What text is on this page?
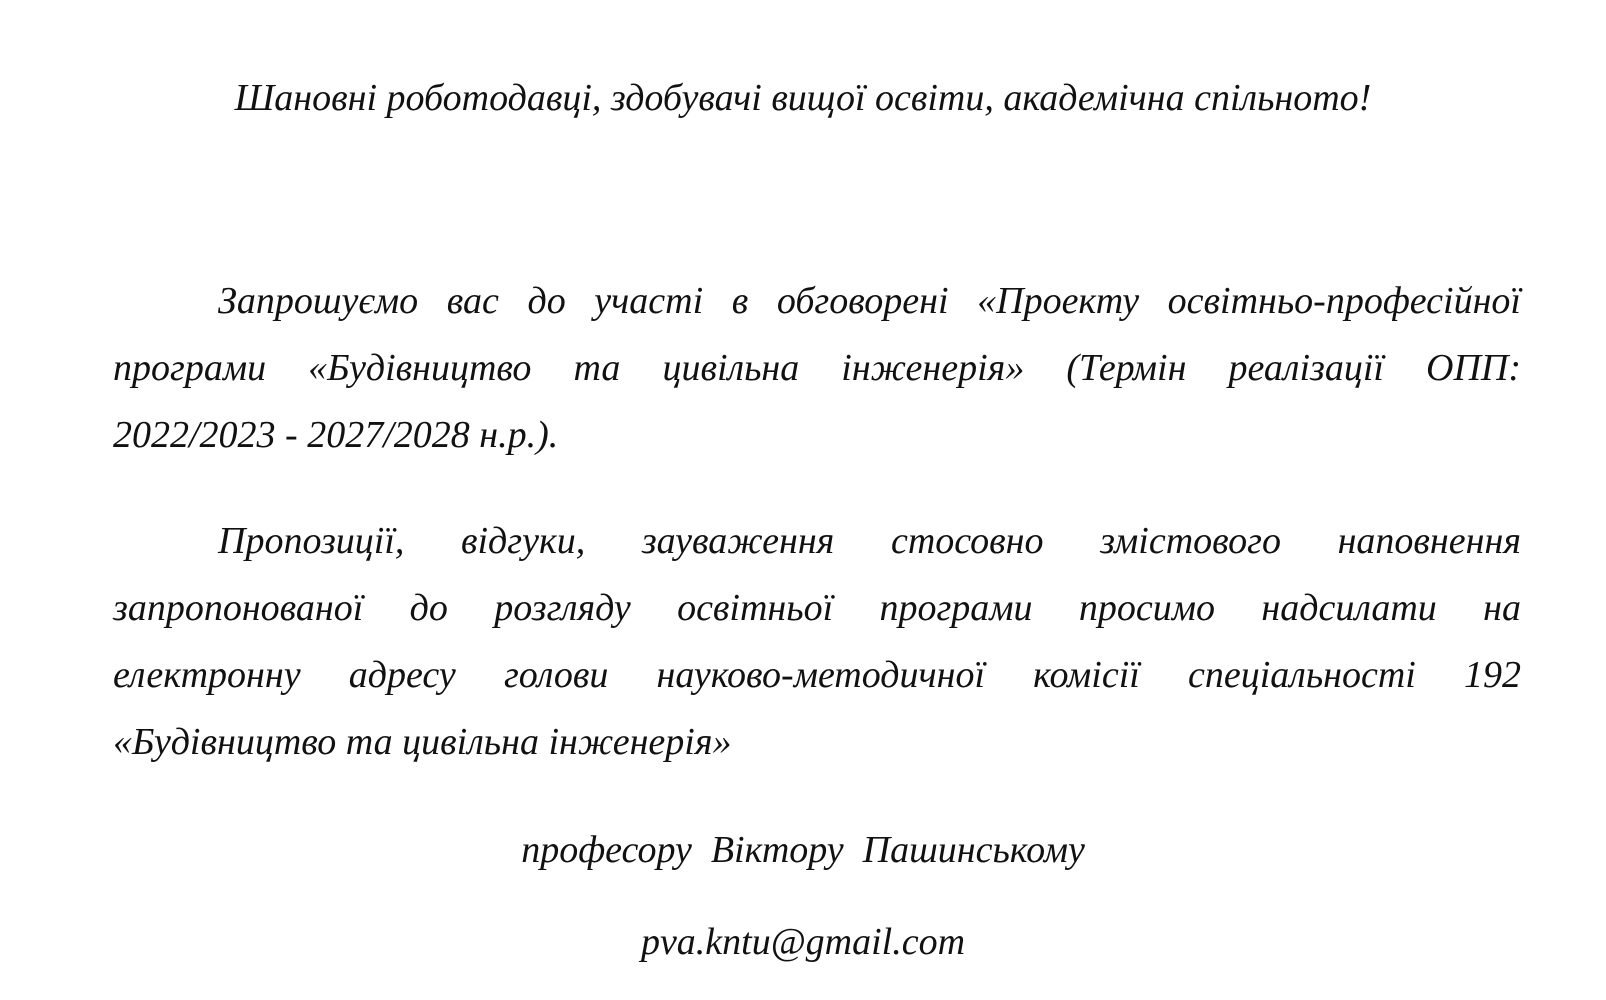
Шановні роботодавці, здобувачі вищої освіти, академічна спільното!
Запрошуємо вас до участі в обговорені «Проекту освітньо-професійної
програми «Будівництво та цивільна інженерія» (Термін реалізації ОПП:
2022/2023 - 2027/2028 н.р.).
Пропозиції, відгуки, зауваження стосовно змістового наповнення
запропонованої до розгляду освітньої програми просимо надсилати на
електронну адресу голови науково-методичної комісії спеціальності 192
«Будівництво та цивільна інженерія»
професору  Віктору  Пашинському
pva.kntu@gmail.com
